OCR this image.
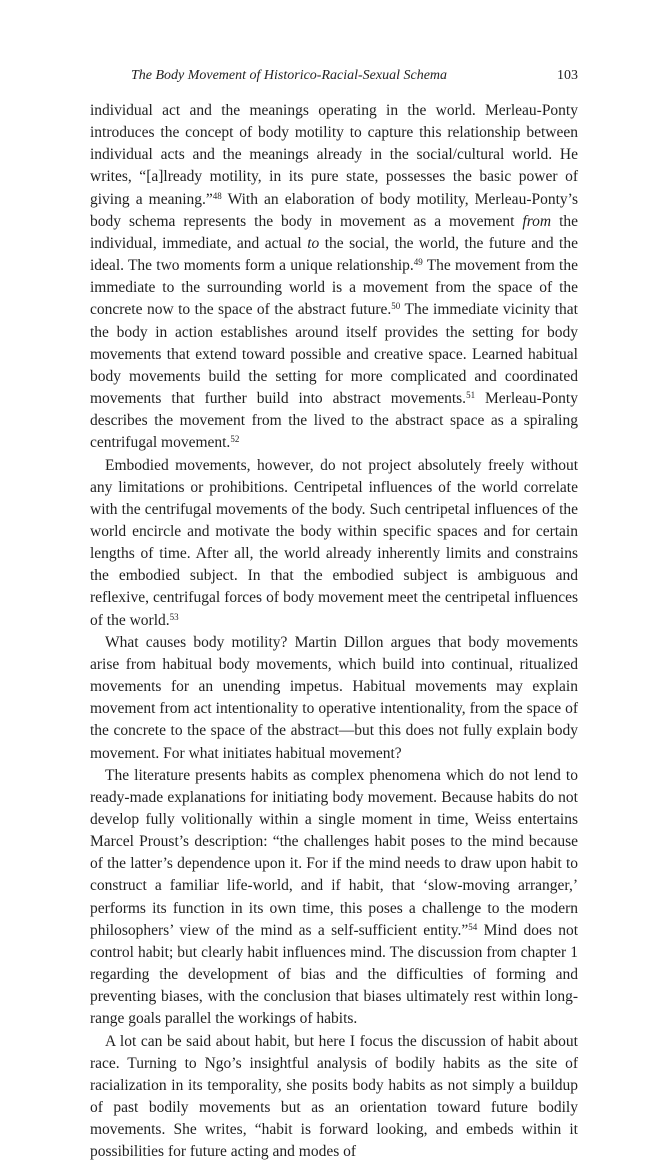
The Body Movement of Historico-Racial-Sexual Schema	103

individual act and the meanings operating in the world. Merleau-Ponty introduces the concept of body motility to capture this relationship between individual acts and the meanings already in the social/cultural world. He writes, “[a]lready motility, in its pure state, possesses the basic power of giving a meaning.”$^{48}$ With an elaboration of body motility, Merleau-Ponty’s body schema represents the body in movement as a movement from the individual, immediate, and actual to the social, the world, the future and the ideal. The two moments form a unique relationship.$^{49}$ The movement from the immediate to the surrounding world is a movement from the space of the concrete now to the space of the abstract future.$^{50}$ The immediate vicinity that the body in action establishes around itself provides the setting for body movements that extend toward possible and creative space. Learned habitual body movements build the setting for more complicated and coordinated movements that further build into abstract movements.$^{51}$ Merleau-Ponty describes the movement from the lived to the abstract space as a spiraling centrifugal movement.$^{52}$

Embodied movements, however, do not project absolutely freely without any limitations or prohibitions. Centripetal influences of the world correlate with the centrifugal movements of the body. Such centripetal influences of the world encircle and motivate the body within specific spaces and for certain lengths of time. After all, the world already inherently limits and constrains the embodied subject. In that the embodied subject is ambiguous and reflexive, centrifugal forces of body movement meet the centripetal influences of the world.$^{53}$

What causes body motility? Martin Dillon argues that body movements arise from habitual body movements, which build into continual, ritualized movements for an unending impetus. Habitual movements may explain movement from act intentionality to operative intentionality, from the space of the concrete to the space of the abstract—but this does not fully explain body movement. For what initiates habitual movement?

The literature presents habits as complex phenomena which do not lend to ready-made explanations for initiating body movement. Because habits do not develop fully volitionally within a single moment in time, Weiss entertains Marcel Proust’s description: “the challenges habit poses to the mind because of the latter’s dependence upon it. For if the mind needs to draw upon habit to construct a familiar life-world, and if habit, that ‘slow-moving arranger,’ performs its function in its own time, this poses a challenge to the modern philosophers’ view of the mind as a self-sufficient entity.”$^{54}$ Mind does not control habit; but clearly habit influences mind. The discussion from chapter 1 regarding the development of bias and the difficulties of forming and preventing biases, with the conclusion that biases ultimately rest within long-range goals parallel the workings of habits.

A lot can be said about habit, but here I focus the discussion of habit about race. Turning to Ngo’s insightful analysis of bodily habits as the site of racialization in its temporality, she posits body habits as not simply a buildup of past bodily movements but as an orientation toward future bodily movements. She writes, “habit is forward looking, and embeds within it possibilities for future acting and modes of
